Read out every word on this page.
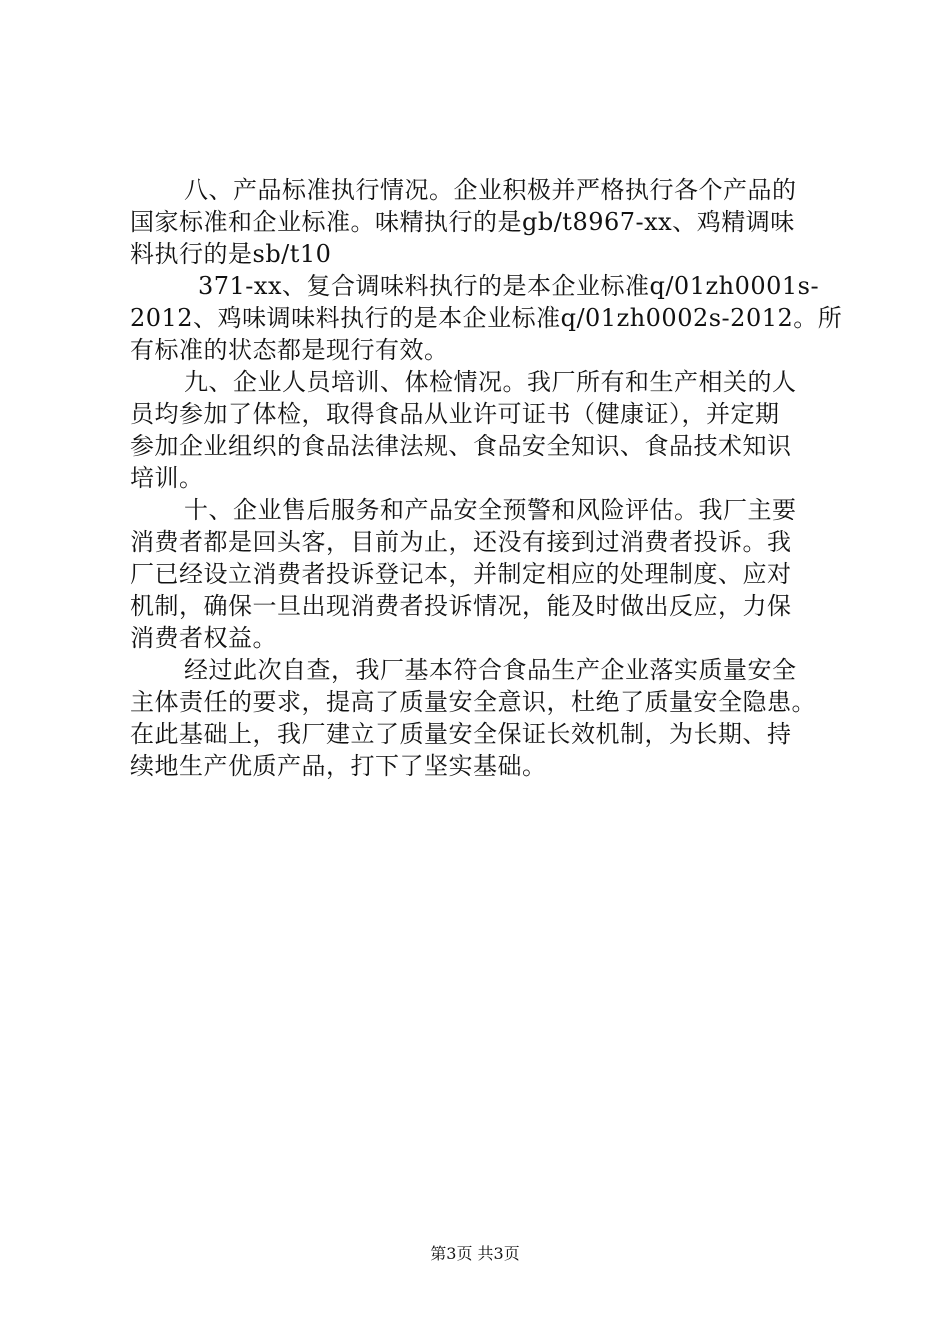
八、产品标准执行情况。企业积极并严格执行各个产品的

国家标准和企业标准。味精执行的是gb/t8967-xx、鸡精调味

料执行的是sb/t10

371-xx、复合调味料执行的是本企业标准q/01zh0001s-

2012、鸡味调味料执行的是本企业标准q/01zh0002s-2012。所

有标准的状态都是现行有效。

九、企业人员培训、体检情况。我厂所有和生产相关的人

员均参加了体检，取得食品从业许可证书（健康证），并定期

参加企业组织的食品法律法规、食品安全知识、食品技术知识

培训。

十、企业售后服务和产品安全预警和风险评估。我厂主要

消费者都是回头客，目前为止，还没有接到过消费者投诉。我

厂已经设立消费者投诉登记本，并制定相应的处理制度、应对

机制，确保一旦出现消费者投诉情况，能及时做出反应，力保

消费者权益。

经过此次自查，我厂基本符合食品生产企业落实质量安全

主体责任的要求，提高了质量安全意识，杜绝了质量安全隐患。

在此基础上，我厂建立了质量安全保证长效机制，为长期、持

续地生产优质产品，打下了坚实基础。

第3页 共3页
